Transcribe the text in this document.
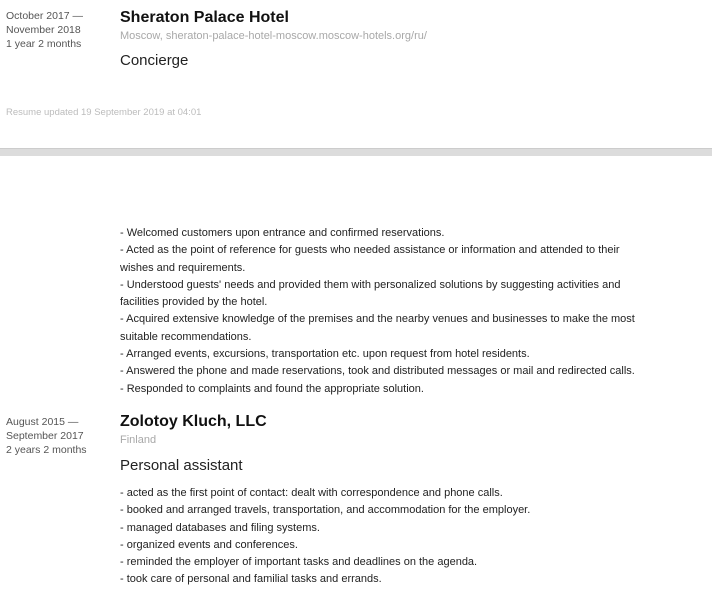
October 2017 —
November 2018
1 year 2 months
Sheraton Palace Hotel
Moscow, sheraton-palace-hotel-moscow.moscow-hotels.org/ru/
Concierge
Resume updated 19 September 2019 at 04:01
- Welcomed customers upon entrance and confirmed reservations.
- Acted as the point of reference for guests who needed assistance or information and attended to their
wishes and requirements.
- Understood guests' needs and provided them with personalized solutions by suggesting activities and
facilities provided by the hotel.
- Acquired extensive knowledge of the premises and the nearby venues and businesses to make the most
suitable recommendations.
- Arranged events, excursions, transportation etc. upon request from hotel residents.
- Answered the phone and made reservations, took and distributed messages or mail and redirected calls.
- Responded to complaints and found the appropriate solution.
August 2015 —
September 2017
2 years 2 months
Zolotoy Kluch, LLC
Finland
Personal assistant
- acted as the first point of contact: dealt with correspondence and phone calls.
- booked and arranged travels, transportation, and accommodation for the employer.
- managed databases and filing systems.
- organized events and conferences.
- reminded the employer of important tasks and deadlines on the agenda.
- took care of personal and familial tasks and errands.
